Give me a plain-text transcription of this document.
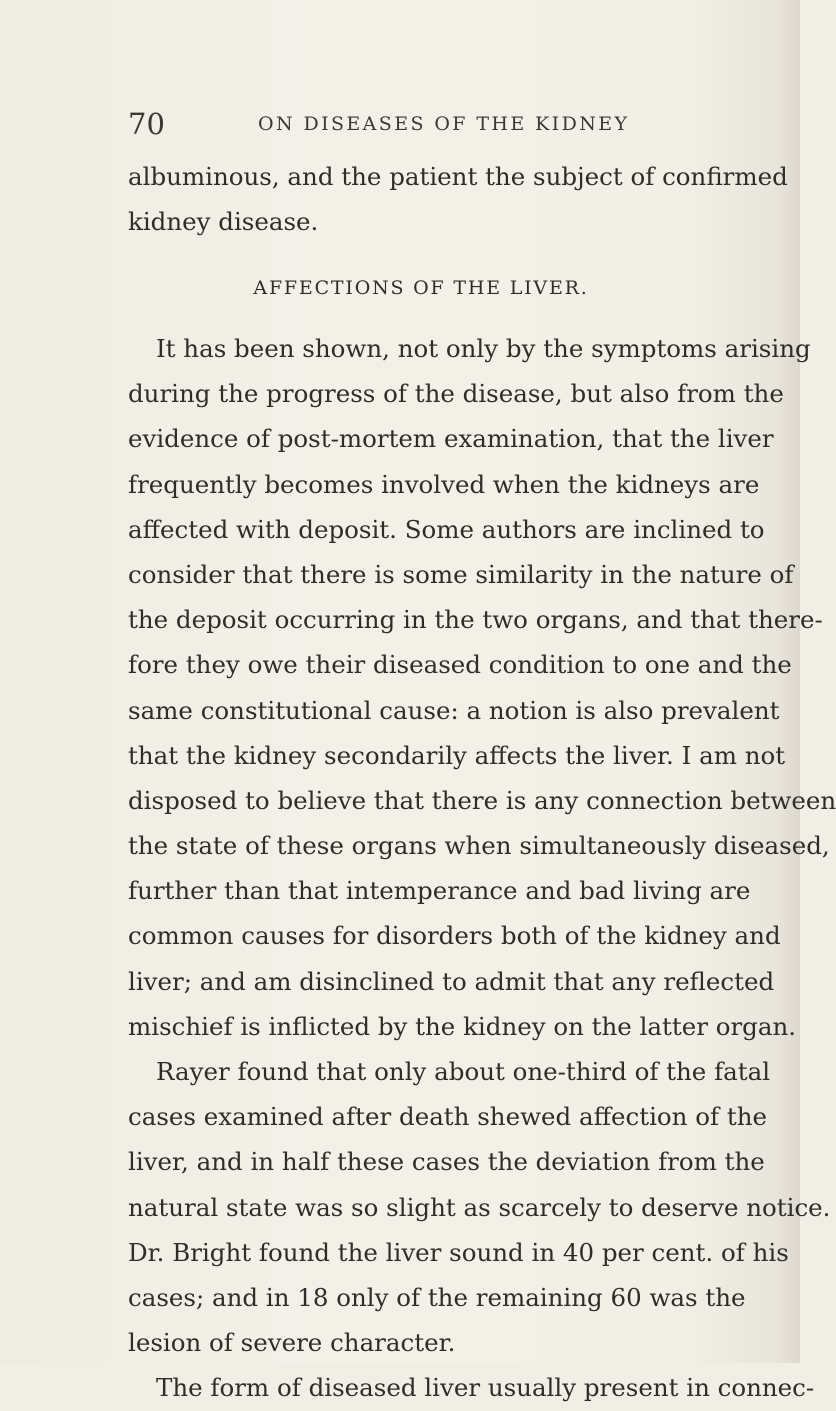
70	ON DISEASES OF THE KIDNEY
albuminous, and the patient the subject of confirmed
kidney disease.
AFFECTIONS OF THE LIVER.
It has been shown, not only by the symptoms arising
during the progress of the disease, but also from the
evidence of post-mortem examination, that the liver
frequently becomes involved when the kidneys are
affected with deposit. Some authors are inclined to
consider that there is some similarity in the nature of
the deposit occurring in the two organs, and that there-
fore they owe their diseased condition to one and the
same constitutional cause: a notion is also prevalent
that the kidney secondarily affects the liver. I am not
disposed to believe that there is any connection between
the state of these organs when simultaneously diseased,
further than that intemperance and bad living are
common causes for disorders both of the kidney and
liver; and am disinclined to admit that any reflected
mischief is inflicted by the kidney on the latter organ.
Rayer found that only about one-third of the fatal
cases examined after death shewed affection of the
liver, and in half these cases the deviation from the
natural state was so slight as scarcely to deserve notice.
Dr. Bright found the liver sound in 40 per cent. of his
cases; and in 18 only of the remaining 60 was the
lesion of severe character.
The form of diseased liver usually present in connec-
